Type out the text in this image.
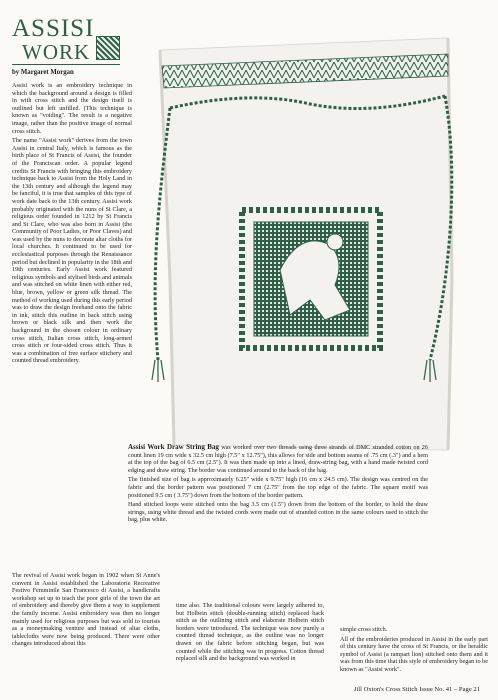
ASSISI
WORK
by Margaret Morgan

Assisi work is an embroidery technique in which the background around a design is filled in with cross stitch and the design itself is outlined but left unfilled. (This technique is known as "voiding". The result is a negative image, rather than the positive image of normal cross stitch.

The name "Assisi work" derives from the town Assisi in central Italy, which is famous as the birth place of St Francis of Assisi, the founder of the Franciscan order. A popular legend credits St Francis with bringing this embroidery technique back to Assisi from the Holy Land in the 13th century and although the legend may be fanciful, it is true that samples of this type of work date back to the 13th century. Assisi work probably originated with the nuns of St Clare, a religious order founded in 1212 by St Francis and St Clare, who was also born in Assisi (the Community of Poor Ladies, or Poor Claves) and was used by the nuns to decorate altar cloths for local churches. It continued to be used for ecclesiastical purposes through the Renaissance period but declined in popularity in the 18th and 19th centuries. Early Assisi work featured religious symbols and stylised birds and animals and was stitched on white linen with either red, blue, brown, yellow or green silk thread. The method of working used during this early period was to draw the design freehand onto the fabric in ink, stitch this outline in back stitch using brown or black silk and then work the background in the chosen colour in ordinary cross stitch, Italian cross stitch, long-armed cross stitch or four-sided cross stitch. Thus it was a combination of free surface stitchery and counted thread embroidery.

Assisi Work Draw String Bag was worked over two threads using three strands of DMC stranded cotton on 26 count linen 19 cm wide x 32.5 cm high (7.5" x 12.75"), this allows for side and bottom seams of .75 cm (.3") and a hem at the top of the bag of 6.5 cm (2.5"). It was then made up into a lined, draw-string bag, with a hand made twisted cord edging and draw string. The border was continued around to the back of the bag.

The finished size of bag is approximately 6.25" wide x 9.75" high (16 cm x 24.5 cm). The design was centred on the fabric and the border pattern was positioned 7 cm (2.75" from the top edge of the fabric. The square motif was positioned 9.5 cm ( 3.75") down from the bottom of the border pattern.

Hand stitched loops were stitched onto the bag 3.5 cm (1.5") down from the bottom of the border, to hold the draw strings, using white thread and the twisted cords were made out of stranded cotton in the same colours used to stitch the bag, plus white.

The revival of Assisi work began in 1902 when St Anne's convent in Assisi established the Laboratorie Recreative Festivo Femminile San Francesco di Assisi, a handicrafts workshop set up to teach the poor girls of the town the art of embroidery and thereby give them a way to supplement the family income. Assisi embroidery was then no longer mainly used for religious purposes but was sold to tourists as a moneymaking venture and instead of altar cloths, tablecloths were now being produced. There were other changes introduced about this

time also. The traditional colours were largely adhered to, but Holbein stitch (double-running stitch) replaced back stitch as the outlining stitch and elaborate Holbein stitch borders were introduced. The technique was now purely a counted thread technique, as the outline was no longer drawn on the fabric before stitching began, but was counted while the stitching was in progress. Cotton thread replaced silk and the background was worked in

simple cross stitch.

All of the embroideries produced in Assisi in the early part of this century have the cross of St Francis, or the heraldic symbol of Assisi (a rampart lion) stitched onto them and it was from this time that this style of embroidery began to be known as "Assisi work".

Jill Oxton's Cross Stitch Issue No. 41 – Page 21
